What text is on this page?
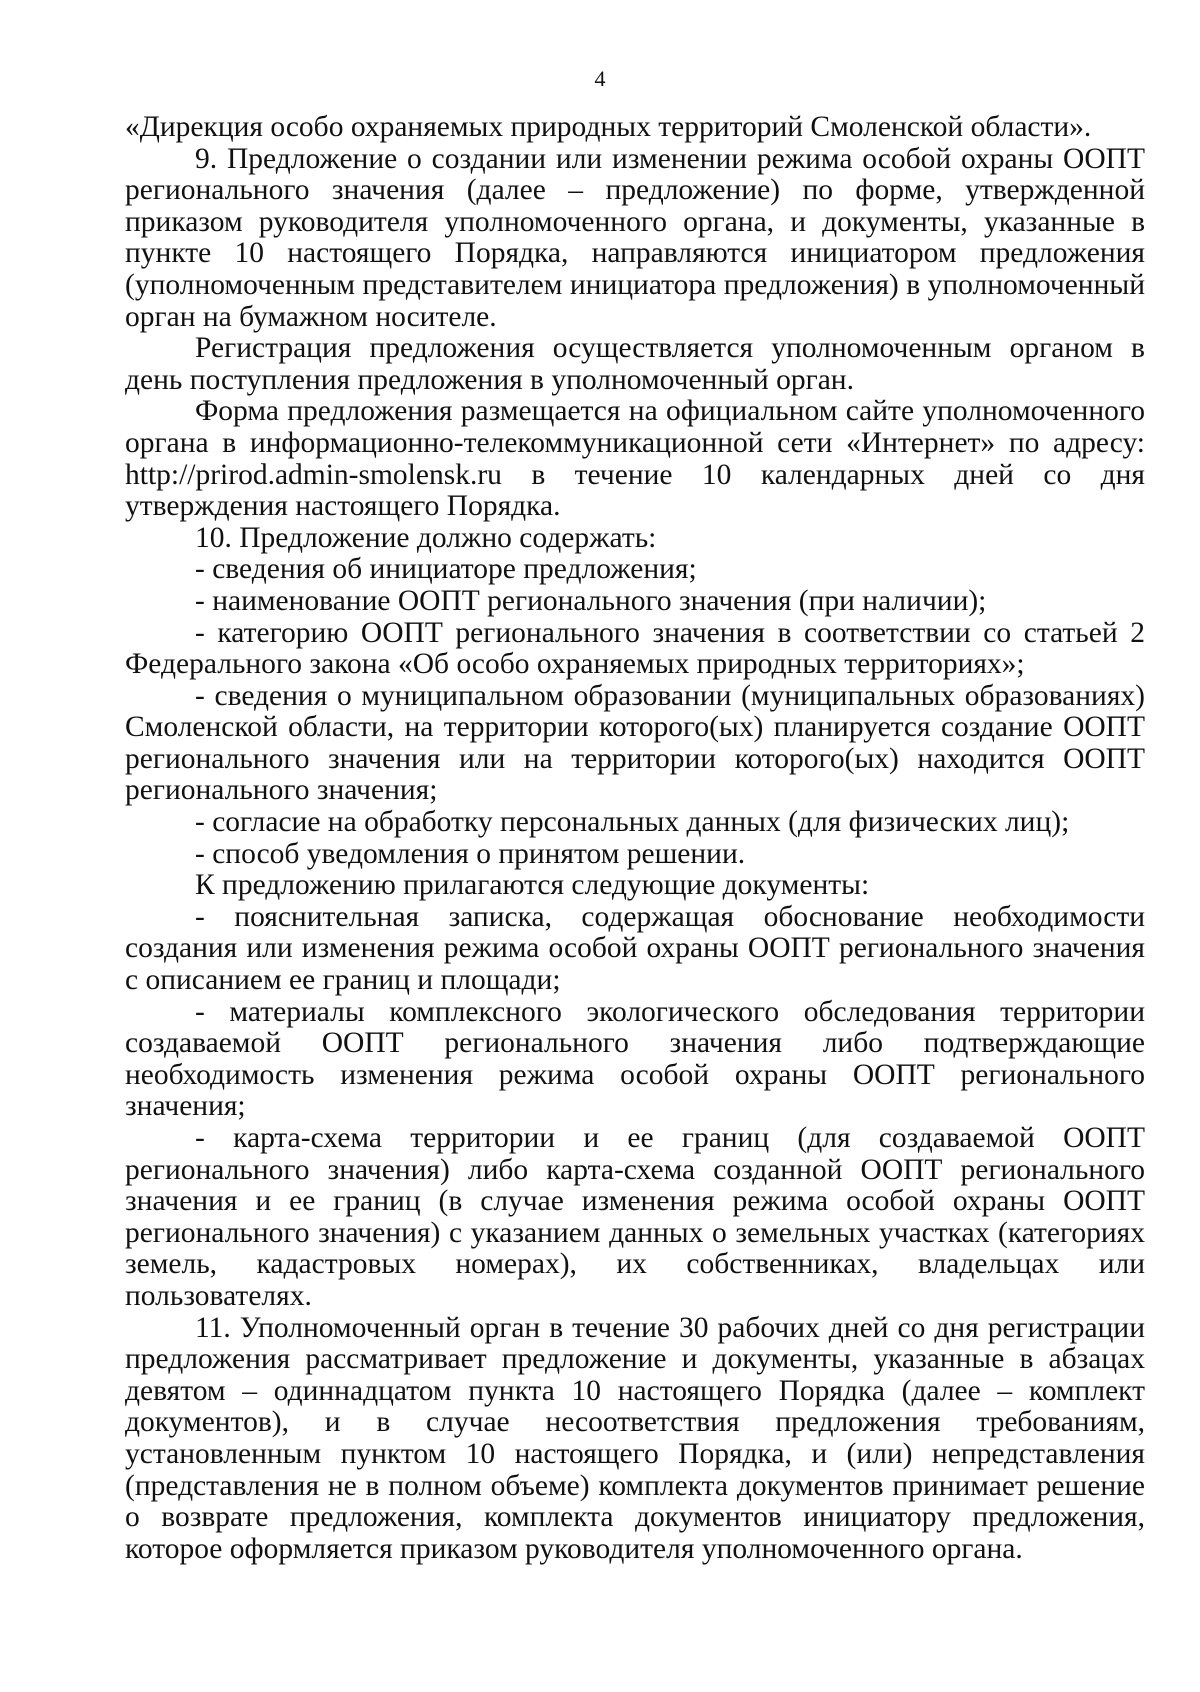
4

«Дирекция особо охраняемых природных территорий Смоленской области».

9. Предложение о создании или изменении режима особой охраны ООПТ регионального значения (далее – предложение) по форме, утвержденной приказом руководителя уполномоченного органа, и документы, указанные в пункте 10 настоящего Порядка, направляются инициатором предложения (уполномоченным представителем инициатора предложения) в уполномоченный орган на бумажном носителе.

Регистрация предложения осуществляется уполномоченным органом в день поступления предложения в уполномоченный орган.

Форма предложения размещается на официальном сайте уполномоченного органа в информационно-телекоммуникационной сети «Интернет» по адресу: http://prirod.admin-smolensk.ru в течение 10 календарных дней со дня утверждения настоящего Порядка.

10. Предложение должно содержать:

- сведения об инициаторе предложения;

- наименование ООПТ регионального значения (при наличии);

- категорию ООПТ регионального значения в соответствии со статьей 2 Федерального закона «Об особо охраняемых природных территориях»;

- сведения о муниципальном образовании (муниципальных образованиях) Смоленской области, на территории которого(ых) планируется создание ООПТ регионального значения или на территории которого(ых) находится ООПТ регионального значения;

- согласие на обработку персональных данных (для физических лиц);

- способ уведомления о принятом решении.

К предложению прилагаются следующие документы:

- пояснительная записка, содержащая обоснование необходимости создания или изменения режима особой охраны ООПТ регионального значения с описанием ее границ и площади;

- материалы комплексного экологического обследования территории создаваемой ООПТ регионального значения либо подтверждающие необходимость изменения режима особой охраны ООПТ регионального значения;

- карта-схема территории и ее границ (для создаваемой ООПТ регионального значения) либо карта-схема созданной ООПТ регионального значения и ее границ (в случае изменения режима особой охраны ООПТ регионального значения) с указанием данных о земельных участках (категориях земель, кадастровых номерах), их собственниках, владельцах или пользователях.

11. Уполномоченный орган в течение 30 рабочих дней со дня регистрации предложения рассматривает предложение и документы, указанные в абзацах девятом – одиннадцатом пункта 10 настоящего Порядка (далее – комплект документов), и в случае несоответствия предложения требованиям, установленным пунктом 10 настоящего Порядка, и (или) непредставления (представления не в полном объеме) комплекта документов принимает решение о возврате предложения, комплекта документов инициатору предложения, которое оформляется приказом руководителя уполномоченного органа.
